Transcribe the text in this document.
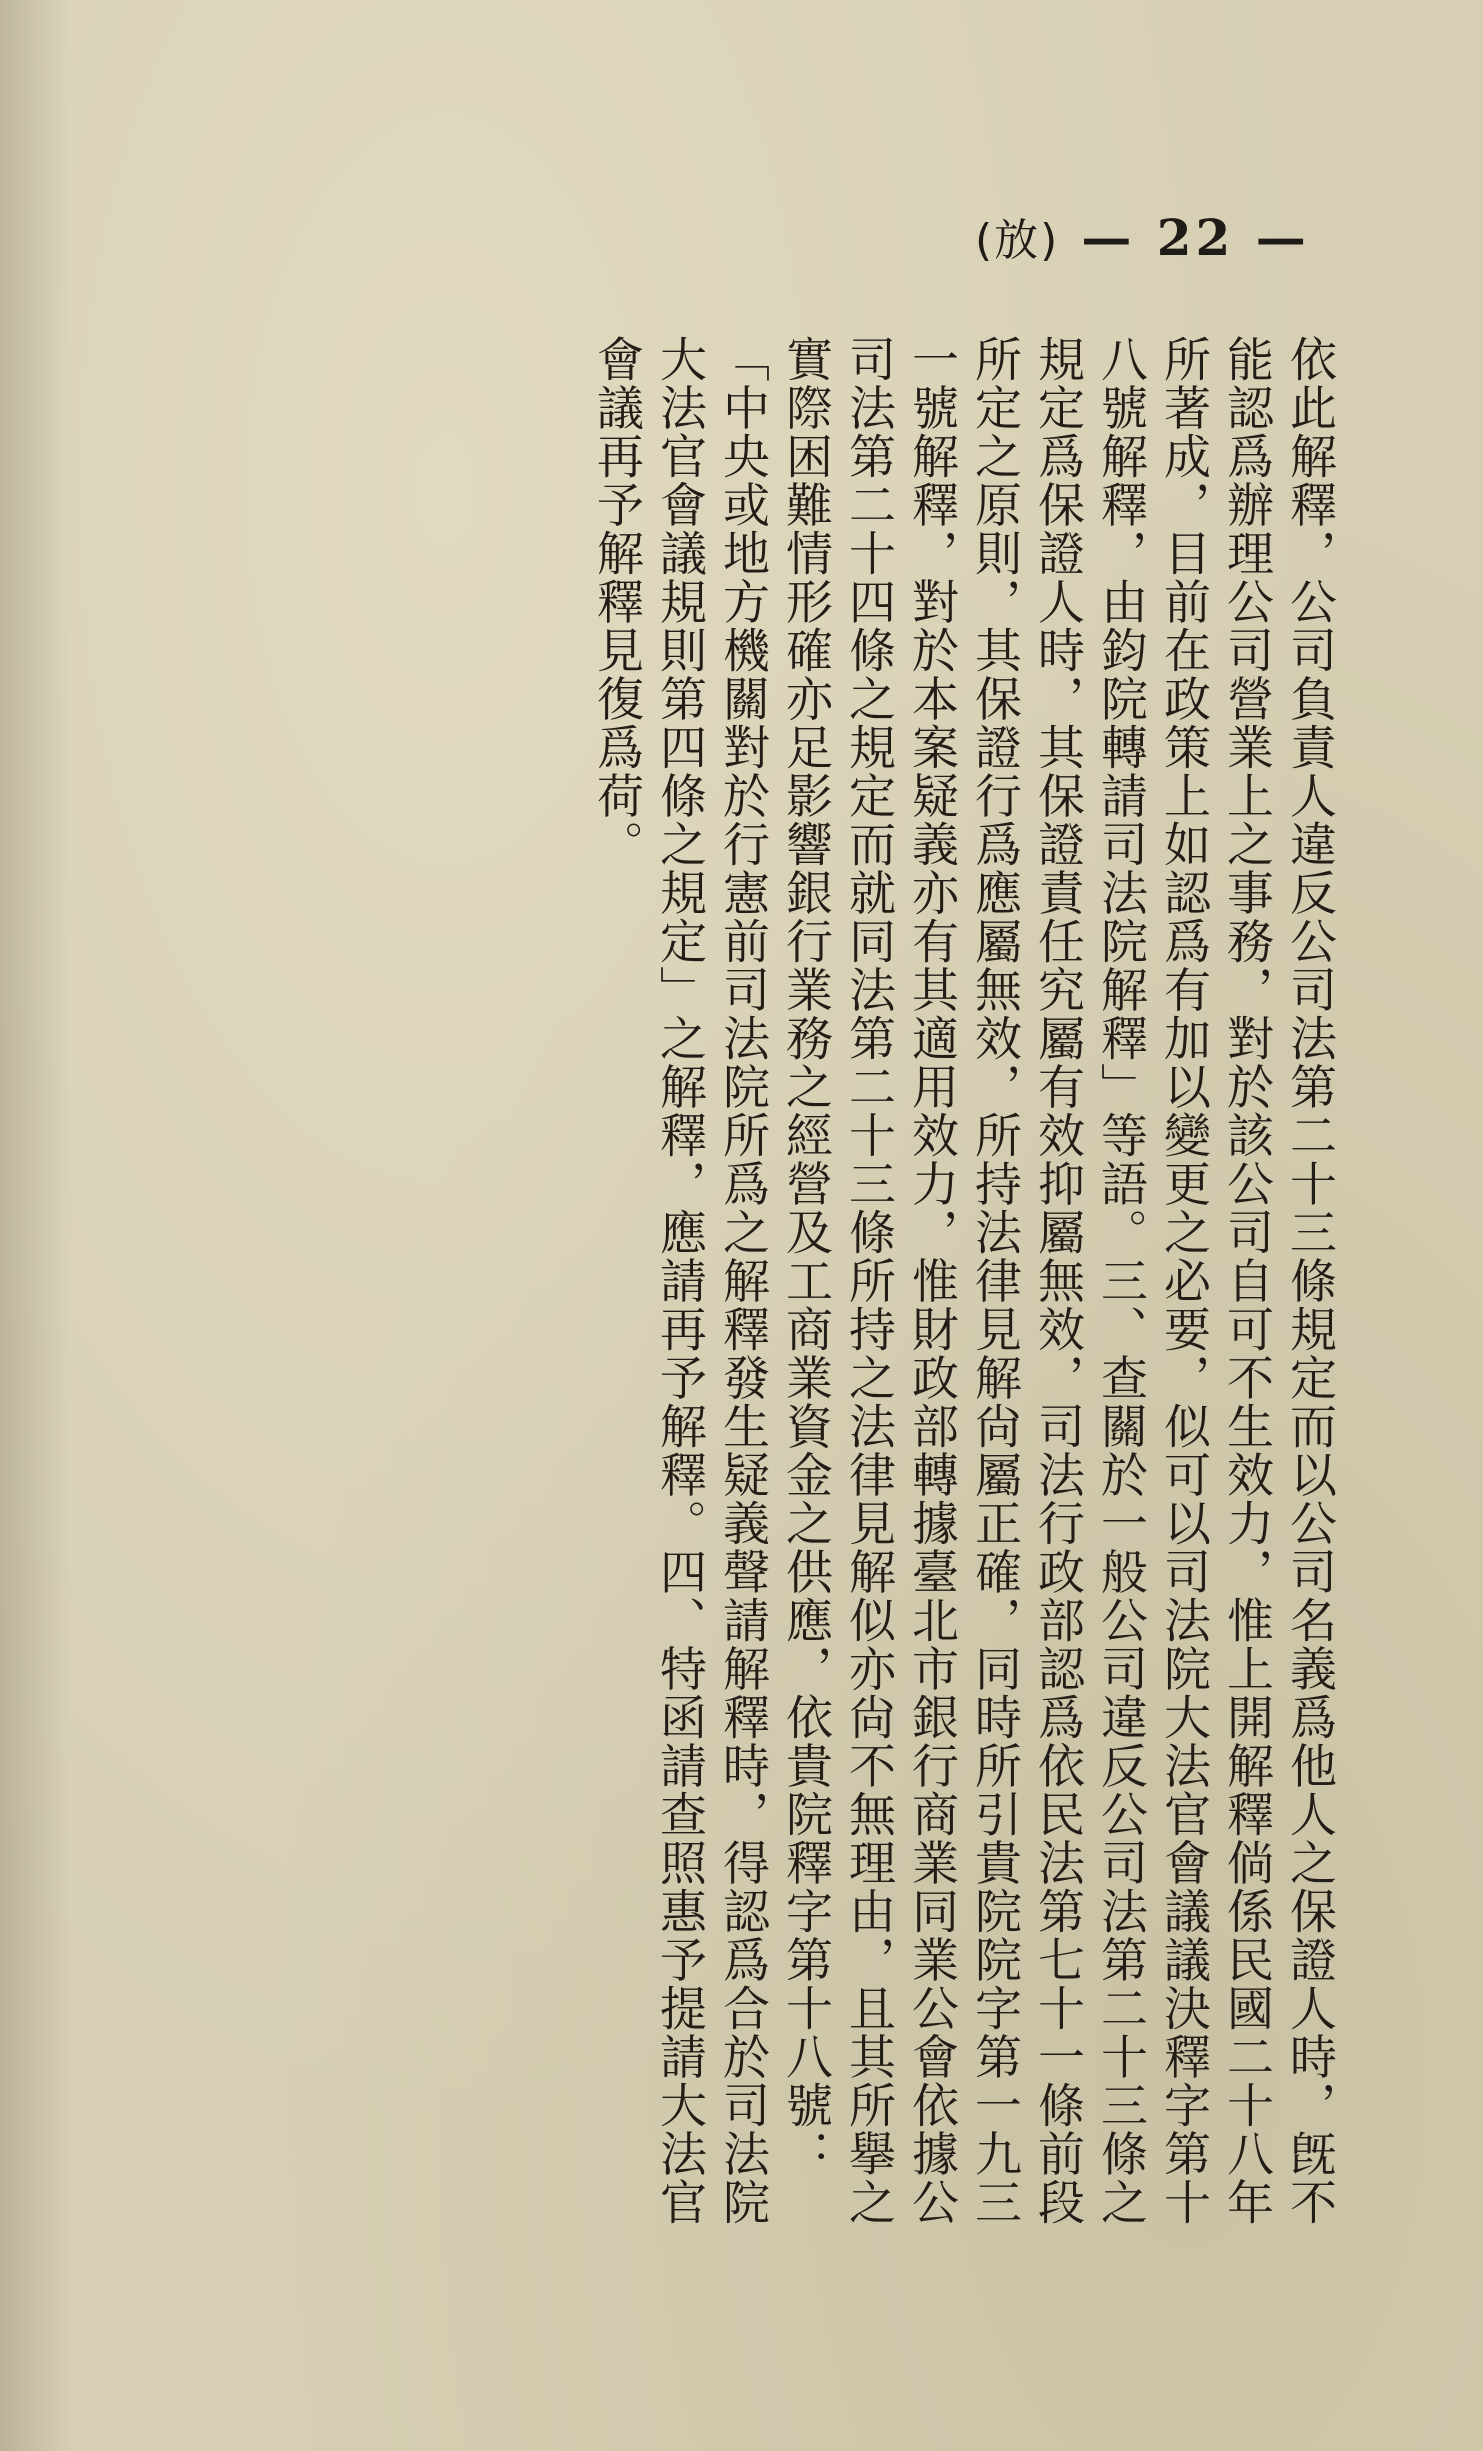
(放) — 22 —

依此解釋，公司負責人違反公司法第二十三條規定而以公司名義爲他人之保證人時，旣不能認爲辦理公司營業上之事務，對於該公司自可不生效力，惟上開解釋倘係民國二十八年所著成，目前在政策上如認爲有加以變更之必要，似可以司法院大法官會議議決釋字第十八號解釋，由鈞院轉請司法院解釋」等語。三、查關於一般公司違反公司法第二十三條之規定爲保證人時，其保證責任究屬有效抑屬無效，司法行政部認爲依民法第七十一條前段所定之原則，其保證行爲應屬無效，所持法律見解尙屬正確，同時所引貴院院字第一九三一號解釋，對於本案疑義亦有其適用效力，惟財政部轉據臺北市銀行商業同業公會依據公司法第二十四條之規定而就同法第二十三條所持之法律見解似亦尙不無理由，且其所擧之實際困難情形確亦足影響銀行業務之經營及工商業資金之供應，依貴院釋字第十八號：「中央或地方機關對於行憲前司法院所爲之解釋發生疑義聲請解釋時，得認爲合於司法院大法官會議規則第四條之規定」之解釋，應請再予解釋。四、特函請查照惠予提請大法官會議再予解釋見復爲荷。
